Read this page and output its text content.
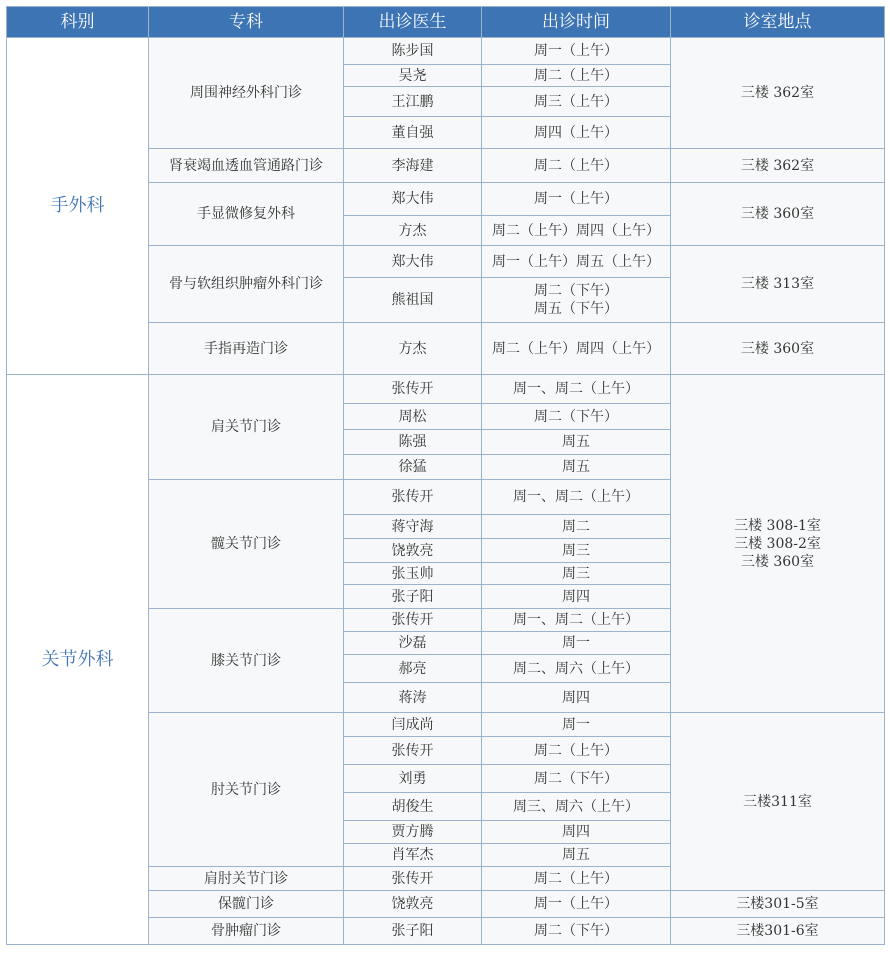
科别	专科	出诊医生	出诊时间	诊室地点
手外科	周围神经外科门诊	陈步国	周一（上午）	三楼 362室

		吴尧	周二（上午）	

		王江鹏	周三（上午）	

		董自强	周四（上午）	

	肾衰竭血透血管通路门诊	李海建	周二（上午）	三楼 362室

	手显微修复外科	郑大伟	周一（上午）	三楼 360室

		方杰	周二（上午）周四（上午）	

	骨与软组织肿瘤外科门诊	郑大伟	周一（上午）周五（上午）	三楼 313室

		熊祖国	周二（下午）
周五（下午）	

	手指再造门诊	方杰	周二（上午）周四（上午）	三楼 360室

关节外科	肩关节门诊	张传开	周一、周二（上午）	三楼 308-1室
三楼 308-2室
三楼 360室

		周松	周二（下午）	

		陈强	周五	

		徐猛	周五	

	髋关节门诊	张传开	周一、周二（上午）	

		蒋守海	周二	

		饶敦亮	周三	

		张玉帅	周三	

		张子阳	周四	

	膝关节门诊	张传开	周一、周二（上午）	

		沙磊	周一	

		郝亮	周二、周六（上午）	

		蒋涛	周四	

	肘关节门诊	闫成尚	周一	三楼311室

		张传开	周二（上午）	

		刘勇	周二（下午）	

		胡俊生	周三、周六（上午）	

		贾方腾	周四	

		肖军杰	周五	

	肩肘关节门诊	张传开	周二（上午）	

	保髋门诊	饶敦亮	周一（上午）	三楼301-5室

	骨肿瘤门诊	张子阳	周二（下午）	三楼301-6室
